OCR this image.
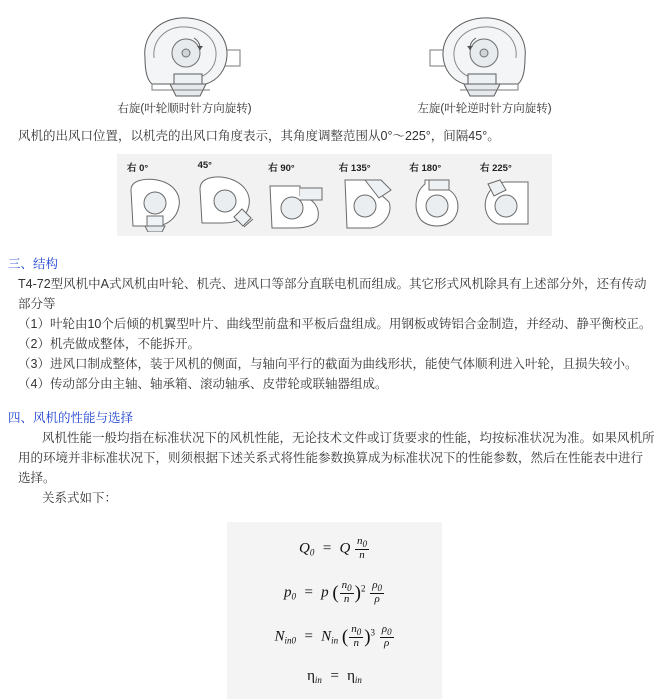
右旋(叶轮顺时针方向旋转)	左旋(叶轮逆时针方向旋转)

风机的出风口位置，以机壳的出风口角度表示，其角度调整范围从0°～225°，间隔45°。

右 0°	45°	右 90°	右 135°	右 180°	右 225°

三、结构

T4-72型风机中A式风机由叶轮、机壳、进风口等部分直联电机而组成。其它形式风机除具有上述部分外，还有传动部分等

（1）叶轮由10个后倾的机翼型叶片、曲线型前盘和平板后盘组成。用钢板或铸铝合金制造，并经动、静平衡校正。

（2）机壳做成整体，不能拆开。

（3）进风口制成整体，装于风机的侧面，与轴向平行的截面为曲线形状，能使气体顺利进入叶轮，且损失较小。

（4）传动部分由主轴、轴承箱、滚动轴承、皮带轮或联轴器组成。

四、风机的性能与选择

风机性能一般均指在标准状况下的风机性能，无论技术文件或订货要求的性能，均按标准状况为准。如果风机所用的环境并非标准状况下，则须根据下述关系式将性能参数换算成为标准状况下的性能参数，然后在性能表中进行选择。

关系式如下：

$Q_0 = Q \frac{n_0}{n}$
$p_0 = p$ ( $\frac{n_0}{n} )^2 \frac{\rho_0}{\rho}$
$N_{in0} = N_{in}$ ( $\frac{n_0}{n} )^3 \frac{\rho_0}{\rho}$
$\eta_{in} = \eta_{in}$
